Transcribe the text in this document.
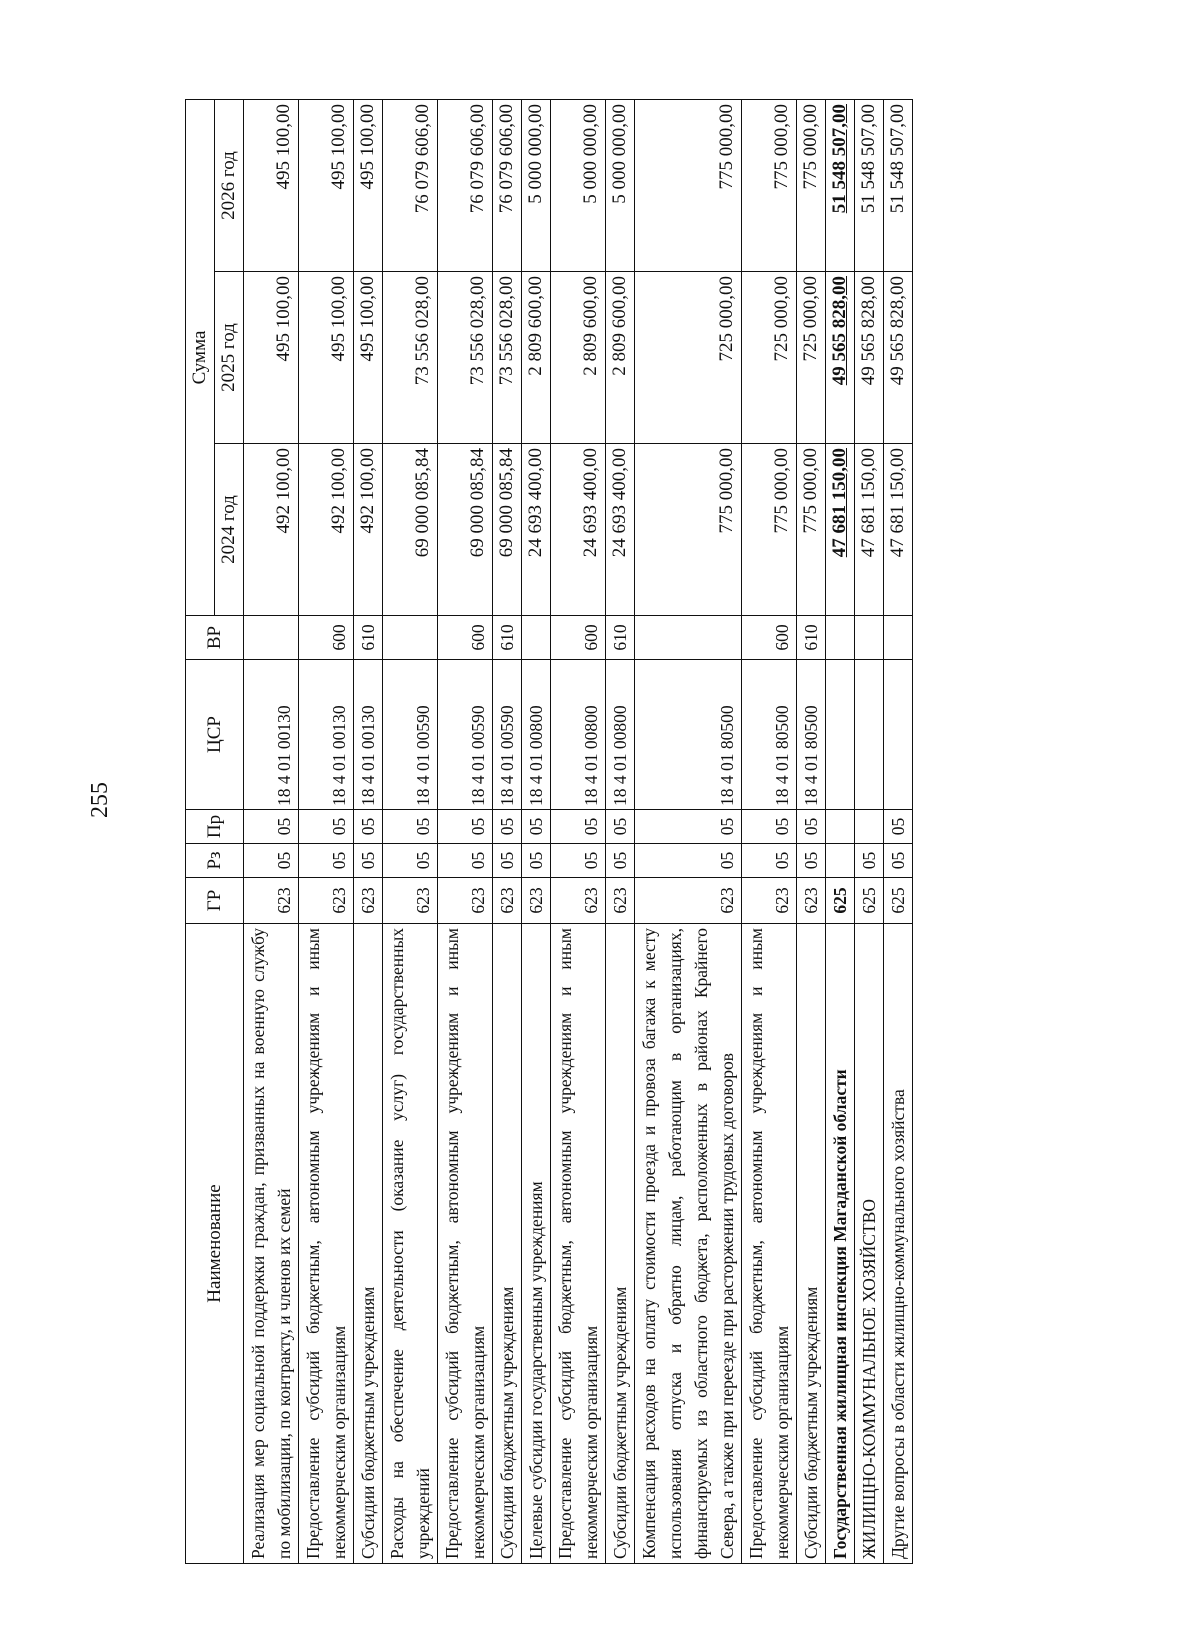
255
Наименование	ГР	Рз	Пр	ЦСР	ВР	Сумма		
						2024 год	2025 год	2026 год
Реализация мер социальной поддержки граждан, призванных на военную службу по мобилизации, по контракту, и членов их семей	623	05	05	18 4 01 00130		492 100,00	495 100,00	495 100,00
Предоставление субсидий бюджетным, автономным учреждениям и иным некоммерческим организациям	623	05	05	18 4 01 00130	600	492 100,00	495 100,00	495 100,00
Субсидии бюджетным учреждениям	623	05	05	18 4 01 00130	610	492 100,00	495 100,00	495 100,00
Расходы на обеспечение деятельности (оказание услуг) государственных учреждений	623	05	05	18 4 01 00590		69 000 085,84	73 556 028,00	76 079 606,00
Предоставление субсидий бюджетным, автономным учреждениям и иным некоммерческим организациям	623	05	05	18 4 01 00590	600	69 000 085,84	73 556 028,00	76 079 606,00
Субсидии бюджетным учреждениям	623	05	05	18 4 01 00590	610	69 000 085,84	73 556 028,00	76 079 606,00
Целевые субсидии государственным учреждениям	623	05	05	18 4 01 00800		24 693 400,00	2 809 600,00	5 000 000,00
Предоставление субсидий бюджетным, автономным учреждениям и иным некоммерческим организациям	623	05	05	18 4 01 00800	600	24 693 400,00	2 809 600,00	5 000 000,00
Субсидии бюджетным учреждениям	623	05	05	18 4 01 00800	610	24 693 400,00	2 809 600,00	5 000 000,00
Компенсация расходов на оплату стоимости проезда и провоза багажа к месту использования отпуска и обратно лицам, работающим в организациях, финансируемых из областного бюджета, расположенных в районах Крайнего Севера, а также при переезде при расторжении трудовых договоров	623	05	05	18 4 01 80500		775 000,00	725 000,00	775 000,00
Предоставление субсидий бюджетным, автономным учреждениям и иным некоммерческим организациям	623	05	05	18 4 01 80500	600	775 000,00	725 000,00	775 000,00
Субсидии бюджетным учреждениям	623	05	05	18 4 01 80500	610	775 000,00	725 000,00	775 000,00
Государственная жилищная инспекция Магаданской области	625					47 681 150,00	49 565 828,00	51 548 507,00
ЖИЛИЩНО-КОММУНАЛЬНОЕ ХОЗЯЙСТВО	625	05				47 681 150,00	49 565 828,00	51 548 507,00
Другие вопросы в области жилищно-коммунального хозяйства	625	05	05			47 681 150,00	49 565 828,00	51 548 507,00
